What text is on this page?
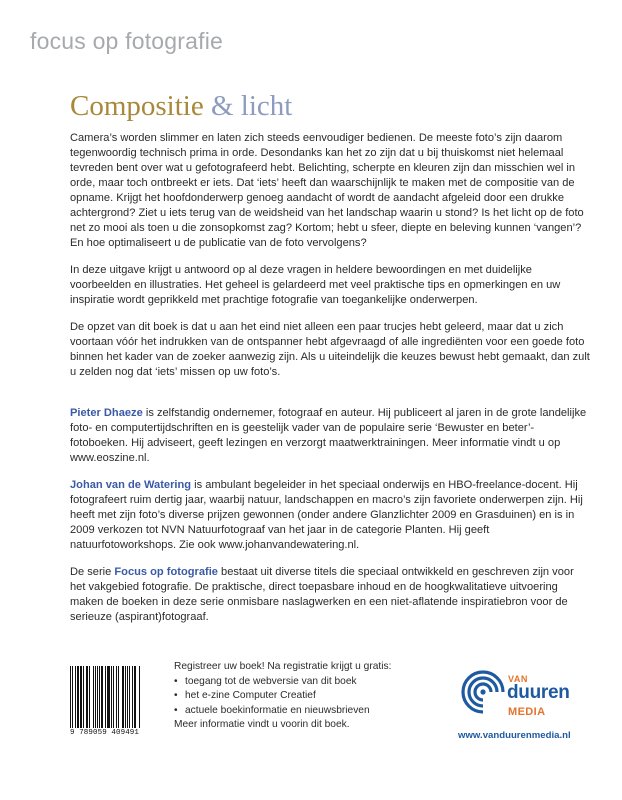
focus op fotografie
Compositie & licht

Camera’s worden slimmer en laten zich steeds eenvoudiger bedienen. De meeste foto’s zijn daarom tegenwoordig technisch prima in orde. Desondanks kan het zo zijn dat u bij thuiskomst niet helemaal tevreden bent over wat u gefotografeerd hebt. Belichting, scherpte en kleuren zijn dan misschien wel in orde, maar toch ontbreekt er iets. Dat ‘iets’ heeft dan waarschijnlijk te maken met de compositie van de opname. Krijgt het hoofdonderwerp genoeg aandacht of wordt de aandacht afgeleid door een drukke achtergrond? Ziet u iets terug van de weidsheid van het landschap waarin u stond? Is het licht op de foto net zo mooi als toen u die zonsopkomst zag? Kortom; hebt u sfeer, diepte en beleving kunnen ‘vangen’? En hoe optimaliseert u de publicatie van de foto vervolgens?

In deze uitgave krijgt u antwoord op al deze vragen in heldere bewoordingen en met duidelijke voorbeelden en illustraties. Het geheel is gelardeerd met veel praktische tips en opmerkingen en uw inspiratie wordt geprikkeld met prachtige fotografie van toegankelijke onderwerpen.

De opzet van dit boek is dat u aan het eind niet alleen een paar trucjes hebt geleerd, maar dat u zich voortaan vóór het indrukken van de ontspanner hebt afgevraagd of alle ingrediënten voor een goede foto binnen het kader van de zoeker aanwezig zijn. Als u uiteindelijk die keuzes bewust hebt gemaakt, dan zult u zelden nog dat ‘iets’ missen op uw foto’s.

Pieter Dhaeze is zelfstandig ondernemer, fotograaf en auteur. Hij publiceert al jaren in de grote landelijke foto- en computertijdschriften en is geestelijk vader van de populaire serie ‘Bewuster en beter’-fotoboeken. Hij adviseert, geeft lezingen en verzorgt maatwerktrainingen. Meer informatie vindt u op www.eoszine.nl.

Johan van de Watering is ambulant begeleider in het speciaal onderwijs en HBO-freelance-docent. Hij fotografeert ruim dertig jaar, waarbij natuur, landschappen en macro’s zijn favoriete onderwerpen zijn. Hij heeft met zijn foto’s diverse prijzen gewonnen (onder andere Glanzlichter 2009 en Grasduinen) en is in 2009 verkozen tot NVN Natuurfotograaf van het jaar in de categorie Planten. Hij geeft natuurfotoworkshops. Zie ook www.johanvandewatering.nl.

De serie Focus op fotografie bestaat uit diverse titels die speciaal ontwikkeld en geschreven zijn voor het vakgebied fotografie. De praktische, direct toepasbare inhoud en de hoogkwalitatieve uitvoering maken de boeken in deze serie onmisbare naslagwerken en een niet-aflatende inspiratiebron voor de serieuze (aspirant)fotograaf.

9 789059 409491
Registreer uw boek! Na registratie krijgt u gratis:
• toegang tot de webversie van dit boek
• het e-zine Computer Creatief
• actuele boekinformatie en nieuwsbrieven
Meer informatie vindt u voorin dit boek.
VAN
duuren
MEDIA
www.vanduurenmedia.nl
